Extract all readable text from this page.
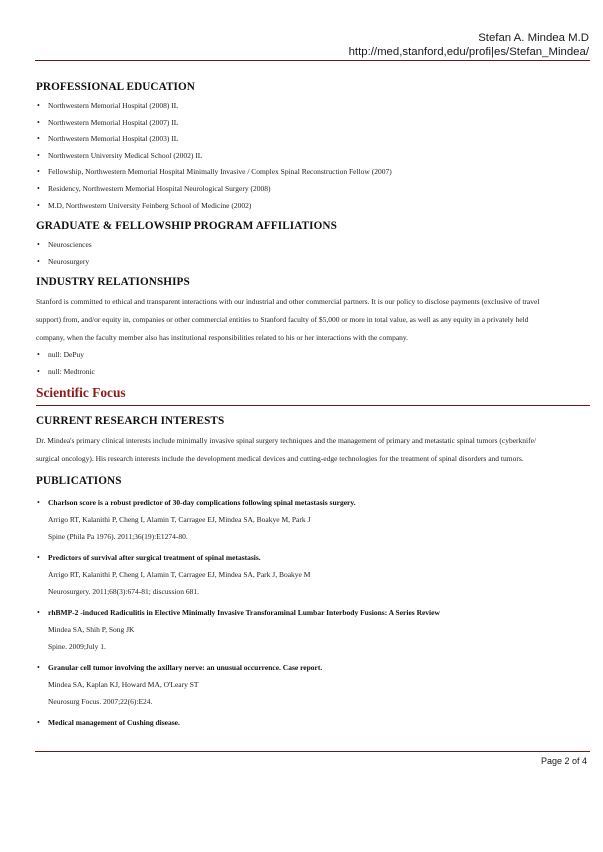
Stefan A. Mindea M.D
http://med,stanford,edu/profi|es/Stefan_Mindea/
PROFESSIONAL EDUCATION
• Northwestern Memorial Hospital (2008) IL
• Northwestern Memorial Hospital (2007) IL
• Northwestern Memorial Hospital (2003) IL
• Northwestern University Medical School (2002) IL
• Fellowship, Northwestern Memorial Hospital Minimally Invasive / Complex Spinal Reconstruction Fellow (2007)
• Residency, Northwestern Memorial Hospital Neurological Surgery (2008)
• M.D, Northwestern University Feinberg School of Medicine (2002)
GRADUATE & FELLOWSHIP PROGRAM AFFILIATIONS
• Neurosciences
• Neurosurgery
INDUSTRY RELATIONSHIPS

Stanford is committed to ethical and transparent interactions with our industrial and other commercial partners. It is our policy to disclose payments (exclusive of travel
support) from, and/or equity in, companies or other commercial entities to Stanford faculty of $5,000 or more in total value, as well as any equity in a privately held
company, when the faculty member also has institutional responsibilities related to his or her interactions with the company.

• null: DePuy
• null: Medtronic
Scientific Focus
CURRENT RESEARCH INTERESTS

Dr. Mindea's primary clinical interests include minimally invasive spinal surgery techniques and the management of primary and metastatic spinal tumors (cyberknife/
surgical oncology). His research interests include the development medical devices and cutting-edge technologies for the treatment of spinal disorders and tumors.

PUBLICATIONS
• Charlson score is a robust predictor of 30-day complications following spinal metastasis surgery.
Arrigo RT, Kalanithi P, Cheng I, Alamin T, Carragee EJ, Mindea SA, Boakye M, Park J
Spine (Phila Pa 1976). 2011;36(19):E1274-80.
• Predictors of survival after surgical treatment of spinal metastasis.
Arrigo RT, Kalanithi P, Cheng I, Alamin T, Carragee EJ, Mindea SA, Park J, Boakye M
Neurosurgery. 2011;68(3):674-81; discussion 681.
• rhBMP-2 -induced Radiculitis in Elective Minimally Invasive Transforaminal Lumbar Interbody Fusions: A Series Review
Mindea SA, Shih P, Song JK
Spine. 2009;July 1.
• Granular cell tumor involving the axillary nerve: an unusual occurrence. Case report.
Mindea SA, Kaplan KJ, Howard MA, O'Leary ST
Neurosurg Focus. 2007;22(6):E24.
• Medical management of Cushing disease.
Page 2 of 4
